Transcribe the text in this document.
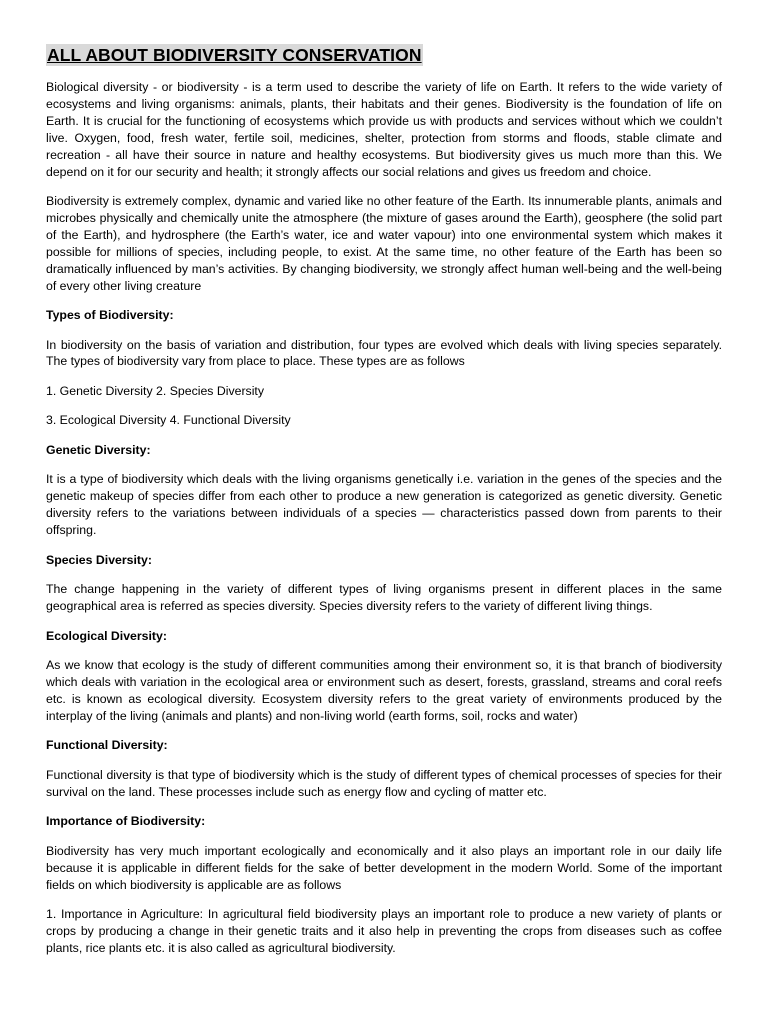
ALL ABOUT BIODIVERSITY CONSERVATION

Biological diversity - or biodiversity - is a term used to describe the variety of life on Earth. It refers to the wide variety of ecosystems and living organisms: animals, plants, their habitats and their genes. Biodiversity is the foundation of life on Earth. It is crucial for the functioning of ecosystems which provide us with products and services without which we couldn’t live. Oxygen, food, fresh water, fertile soil, medicines, shelter, protection from storms and floods, stable climate and recreation - all have their source in nature and healthy ecosystems. But biodiversity gives us much more than this. We depend on it for our security and health; it strongly affects our social relations and gives us freedom and choice.

Biodiversity is extremely complex, dynamic and varied like no other feature of the Earth. Its innumerable plants, animals and microbes physically and chemically unite the atmosphere (the mixture of gases around the Earth), geosphere (the solid part of the Earth), and hydrosphere (the Earth’s water, ice and water vapour) into one environmental system which makes it possible for millions of species, including people, to exist. At the same time, no other feature of the Earth has been so dramatically influenced by man’s activities. By changing biodiversity, we strongly affect human well-being and the well-being of every other living creature

Types of Biodiversity:

In biodiversity on the basis of variation and distribution, four types are evolved which deals with living species separately. The types of biodiversity vary from place to place. These types are as follows

1. Genetic Diversity 2. Species Diversity

3. Ecological Diversity 4. Functional Diversity

Genetic Diversity:

It is a type of biodiversity which deals with the living organisms genetically i.e. variation in the genes of the species and the genetic makeup of species differ from each other to produce a new generation is categorized as genetic diversity. Genetic diversity refers to the variations between individuals of a species — characteristics passed down from parents to their offspring.

Species Diversity:

The change happening in the variety of different types of living organisms present in different places in the same geographical area is referred as species diversity. Species diversity refers to the variety of different living things.

Ecological Diversity:

As we know that ecology is the study of different communities among their environment so, it is that branch of biodiversity which deals with variation in the ecological area or environment such as desert, forests, grassland, streams and coral reefs etc. is known as ecological diversity. Ecosystem diversity refers to the great variety of environments produced by the interplay of the living (animals and plants) and non-living world (earth forms, soil, rocks and water)

Functional Diversity:

Functional diversity is that type of biodiversity which is the study of different types of chemical processes of species for their survival on the land. These processes include such as energy flow and cycling of matter etc.

Importance of Biodiversity:

Biodiversity has very much important ecologically and economically and it also plays an important role in our daily life because it is applicable in different fields for the sake of better development in the modern World. Some of the important fields on which biodiversity is applicable are as follows

1. Importance in Agriculture: In agricultural field biodiversity plays an important role to produce a new variety of plants or crops by producing a change in their genetic traits and it also help in preventing the crops from diseases such as coffee plants, rice plants etc. it is also called as agricultural biodiversity.
